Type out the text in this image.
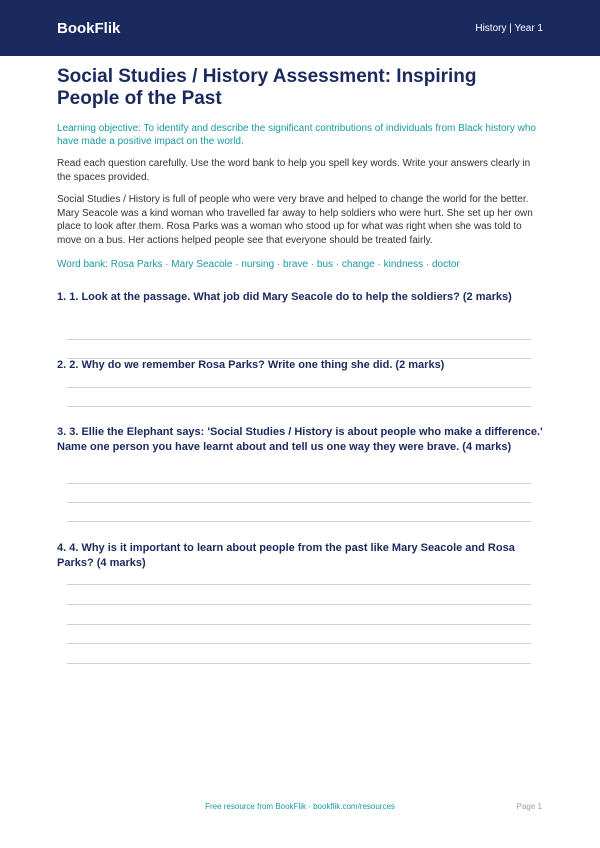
BookFlik	History | Year 1
Social Studies / History Assessment: Inspiring People of the Past
Learning objective: To identify and describe the significant contributions of individuals from Black history who have made a positive impact on the world.
Read each question carefully. Use the word bank to help you spell key words. Write your answers clearly in the spaces provided.
Social Studies / History is full of people who were very brave and helped to change the world for the better. Mary Seacole was a kind woman who travelled far away to help soldiers who were hurt. She set up her own place to look after them. Rosa Parks was a woman who stood up for what was right when she was told to move on a bus. Her actions helped people see that everyone should be treated fairly.
Word bank: Rosa Parks · Mary Seacole · nursing · brave · bus · change · kindness · doctor
1. 1. Look at the passage. What job did Mary Seacole do to help the soldiers? (2 marks)
2. 2. Why do we remember Rosa Parks? Write one thing she did. (2 marks)
3. 3. Ellie the Elephant says: 'Social Studies / History is about people who make a difference.' Name one person you have learnt about and tell us one way they were brave. (4 marks)
4. 4. Why is it important to learn about people from the past like Mary Seacole and Rosa Parks? (4 marks)
Free resource from BookFlik · bookflik.com/resources	Page 1
